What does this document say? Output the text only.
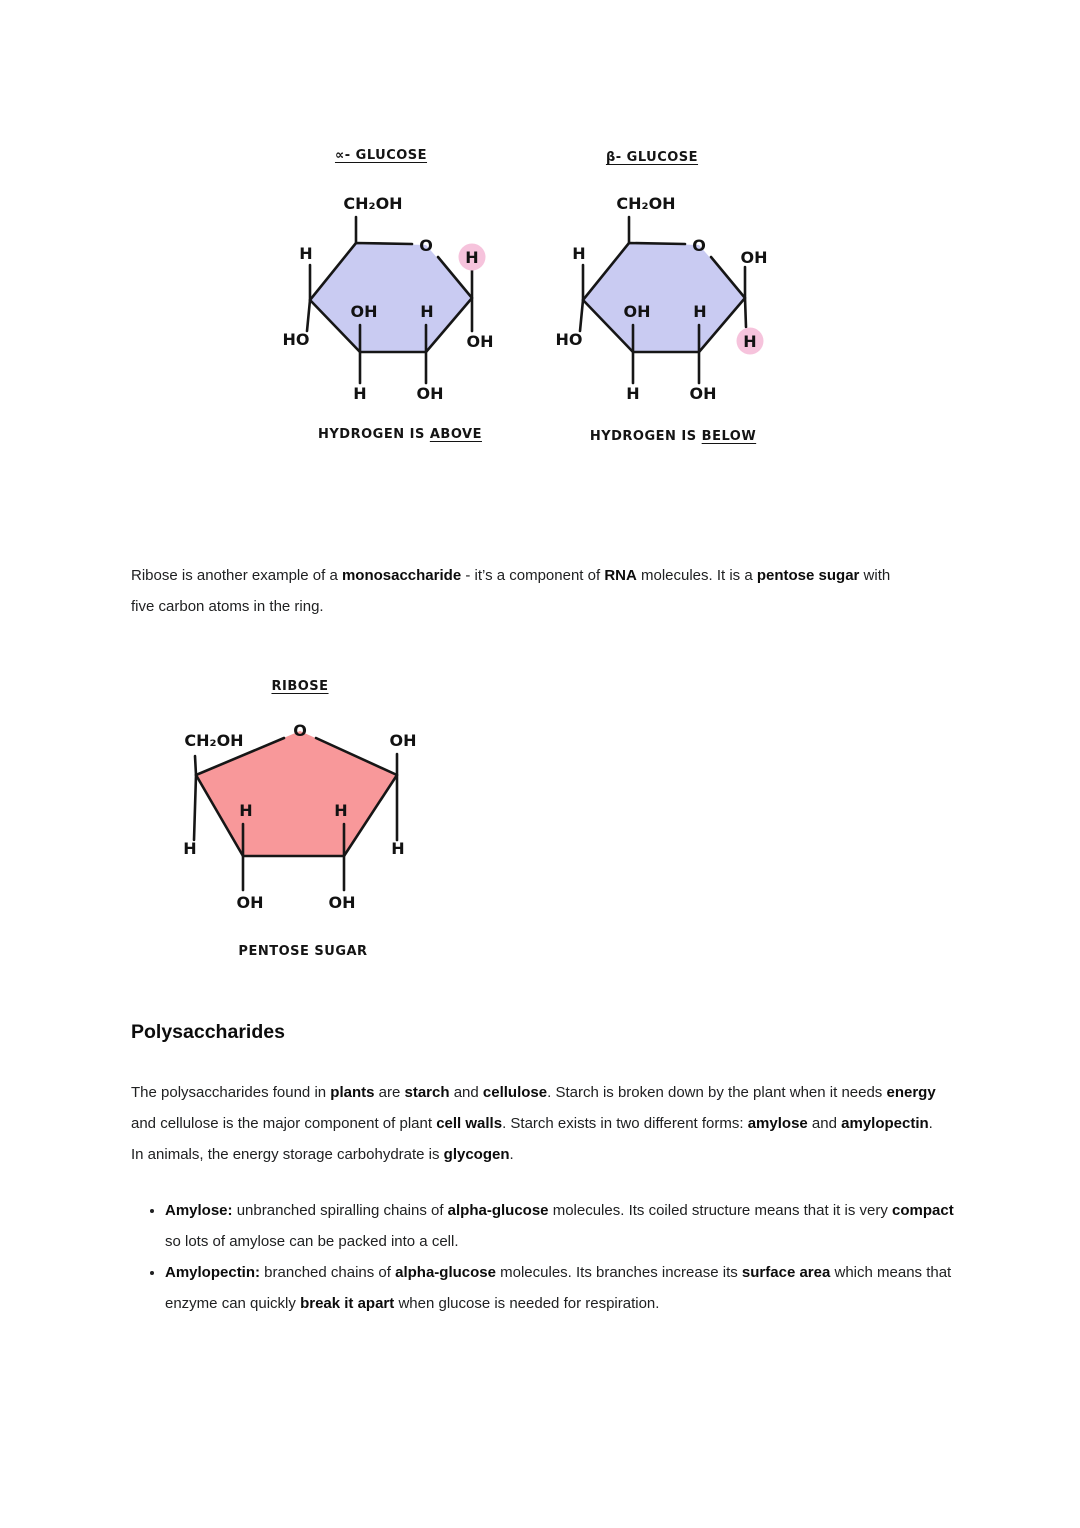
∝- GLUCOSE
CH₂OH
O
H
OH
H
HO
OH	H
H	OH
HYDROGEN IS ABOVE
β- GLUCOSE
CH₂OH
O
OH
H
H
HO
OH	H
H	OH
HYDROGEN IS BELOW
Ribose is another example of a monosaccharide - it’s a component of RNA molecules. It is a pentose sugar with five carbon atoms in the ring.
RIBOSE
CH₂OH
O
OH
H
H
H	H
OH	OH
PENTOSE SUGAR
Polysaccharides
The polysaccharides found in plants are starch and cellulose. Starch is broken down by the plant when it needs energy and cellulose is the major component of plant cell walls. Starch exists in two different forms: amylose and amylopectin. In animals, the energy storage carbohydrate is glycogen.
• Amylose: unbranched spiralling chains of alpha-glucose molecules. Its coiled structure means that it is very compact so lots of amylose can be packed into a cell.
• Amylopectin: branched chains of alpha-glucose molecules. Its branches increase its surface area which means that enzyme can quickly break it apart when glucose is needed for respiration.
